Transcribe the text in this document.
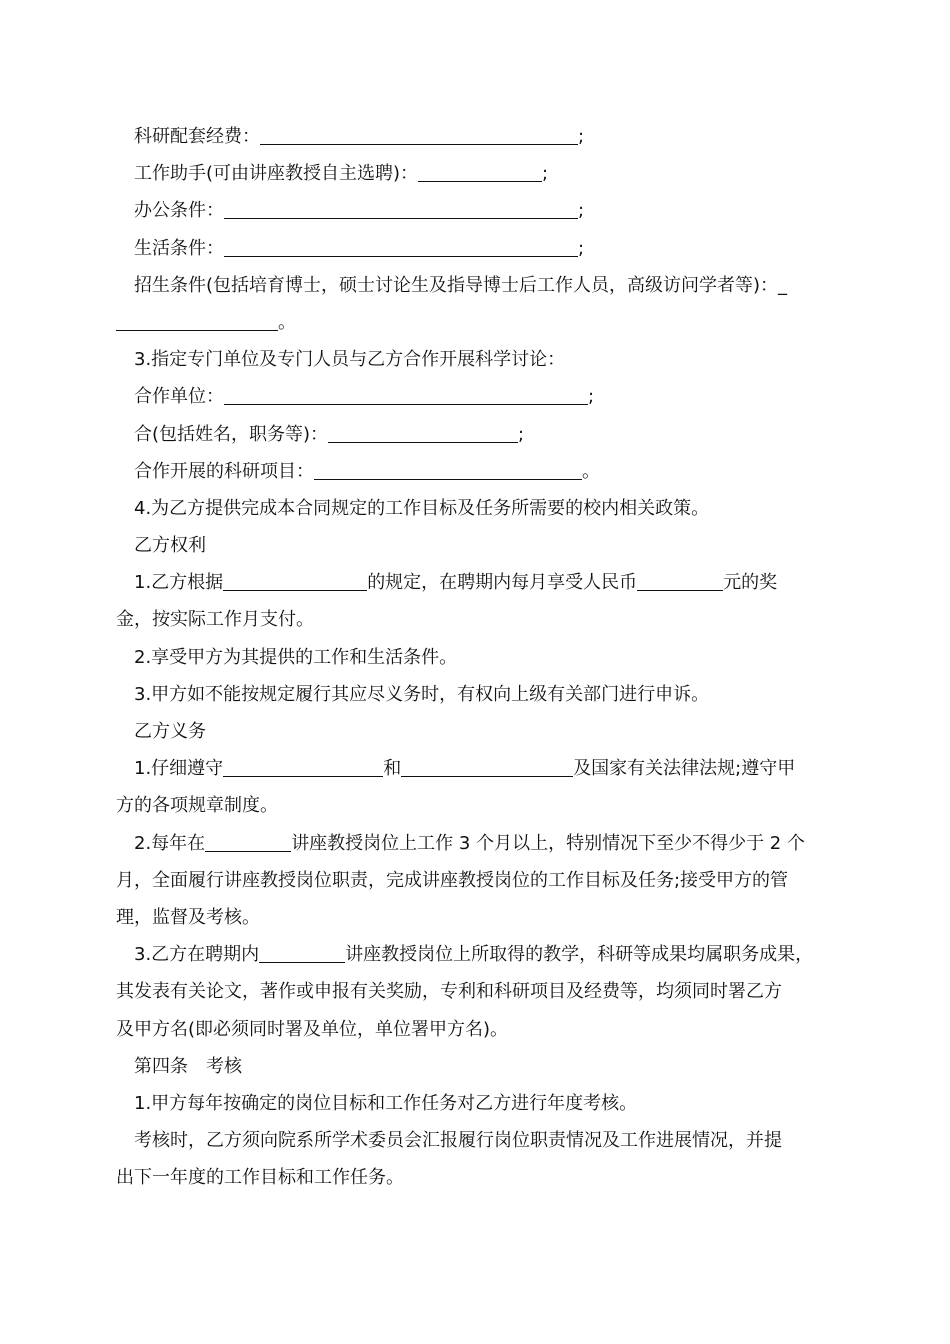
科研配套经费：	;
工作助手(可由讲座教授自主选聘)：	;
办公条件：	;
生活条件：	;
招生条件(包括培育博士，硕士讨论生及指导博士后工作人员，高级访问学者等)：_
。
3.指定专门单位及专门人员与乙方合作开展科学讨论：
合作单位：	;
合(包括姓名，职务等)：	;
合作开展的科研项目：	。
4.为乙方提供完成本合同规定的工作目标及任务所需要的校内相关政策。
乙方权利
1.乙方根据	的规定，在聘期内每月享受人民币	元的奖
金，按实际工作月支付。
2.享受甲方为其提供的工作和生活条件。
3.甲方如不能按规定履行其应尽义务时，有权向上级有关部门进行申诉。
乙方义务
1.仔细遵守	和	及国家有关法律法规;遵守甲
方的各项规章制度。
2.每年在	讲座教授岗位上工作 3 个月以上，特别情况下至少不得少于 2 个
月，全面履行讲座教授岗位职责，完成讲座教授岗位的工作目标及任务;接受甲方的管
理，监督及考核。
3.乙方在聘期内	讲座教授岗位上所取得的教学，科研等成果均属职务成果，
其发表有关论文，著作或申报有关奖励，专利和科研项目及经费等，均须同时署乙方
及甲方名(即必须同时署及单位，单位署甲方名)。
第四条　考核
1.甲方每年按确定的岗位目标和工作任务对乙方进行年度考核。
考核时，乙方须向院系所学术委员会汇报履行岗位职责情况及工作进展情况，并提
出下一年度的工作目标和工作任务。
